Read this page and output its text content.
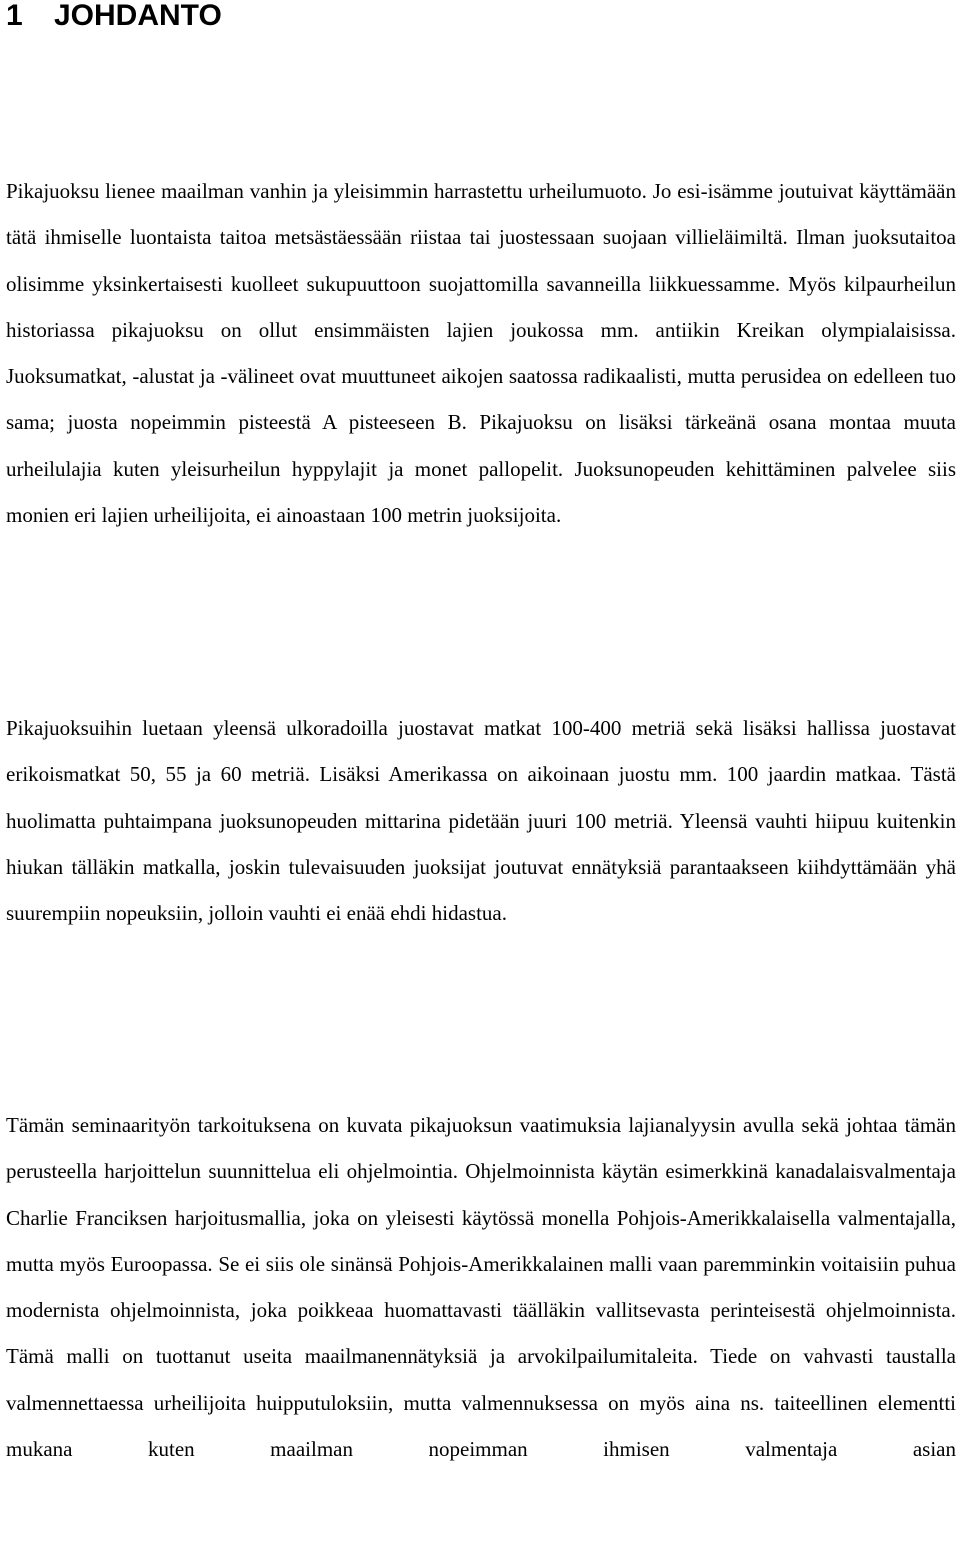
1 JOHDANTO

Pikajuoksu lienee maailman vanhin ja yleisimmin harrastettu urheilumuoto. Jo esi-isämme joutuivat käyttämään tätä ihmiselle luontaista taitoa metsästäessään riistaa tai juostessaan suojaan villieläimiltä. Ilman juoksutaitoa olisimme yksinkertaisesti kuolleet sukupuuttoon suojattomilla savanneilla liikkuessamme. Myös kilpaurheilun historiassa pikajuoksu on ollut ensimmäisten lajien joukossa mm. antiikin Kreikan olympialaisissa. Juoksumatkat, -alustat ja -välineet ovat muuttuneet aikojen saatossa radikaalisti, mutta perusidea on edelleen tuo sama; juosta nopeimmin pisteestä A pisteeseen B. Pikajuoksu on lisäksi tärkeänä osana montaa muuta urheilulajia kuten yleisurheilun hyppylajit ja monet pallopelit. Juoksunopeuden kehittäminen palvelee siis monien eri lajien urheilijoita, ei ainoastaan 100 metrin juoksijoita.

Pikajuoksuihin luetaan yleensä ulkoradoilla juostavat matkat 100-400 metriä sekä lisäksi hallissa juostavat erikoismatkat 50, 55 ja 60 metriä. Lisäksi Amerikassa on aikoinaan juostu mm. 100 jaardin matkaa. Tästä huolimatta puhtaimpana juoksunopeuden mittarina pidetään juuri 100 metriä. Yleensä vauhti hiipuu kuitenkin hiukan tälläkin matkalla, joskin tulevaisuuden juoksijat joutuvat ennätyksiä parantaakseen kiihdyttämään yhä suurempiin nopeuksiin, jolloin vauhti ei enää ehdi hidastua.

Tämän seminaarityön tarkoituksena on kuvata pikajuoksun vaatimuksia lajianalyysin avulla sekä johtaa tämän perusteella harjoittelun suunnittelua eli ohjelmointia. Ohjelmoinnista käytän esimerkkinä kanadalaisvalmentaja Charlie Franciksen harjoitusmallia, joka on yleisesti käytössä monella Pohjois-Amerikkalaisella valmentajalla, mutta myös Euroopassa. Se ei siis ole sinänsä Pohjois-Amerikkalainen malli vaan paremminkin voitaisiin puhua modernista ohjelmoinnista, joka poikkeaa huomattavasti täälläkin vallitsevasta perinteisestä ohjelmoinnista. Tämä malli on tuottanut useita maailmanennätyksiä ja arvokilpailumitaleita. Tiede on vahvasti taustalla valmennettaessa urheilijoita huipputuloksiin, mutta valmennuksessa on myös aina ns. taiteellinen elementti mukana kuten maailman nopeimman ihmisen valmentaja asian
